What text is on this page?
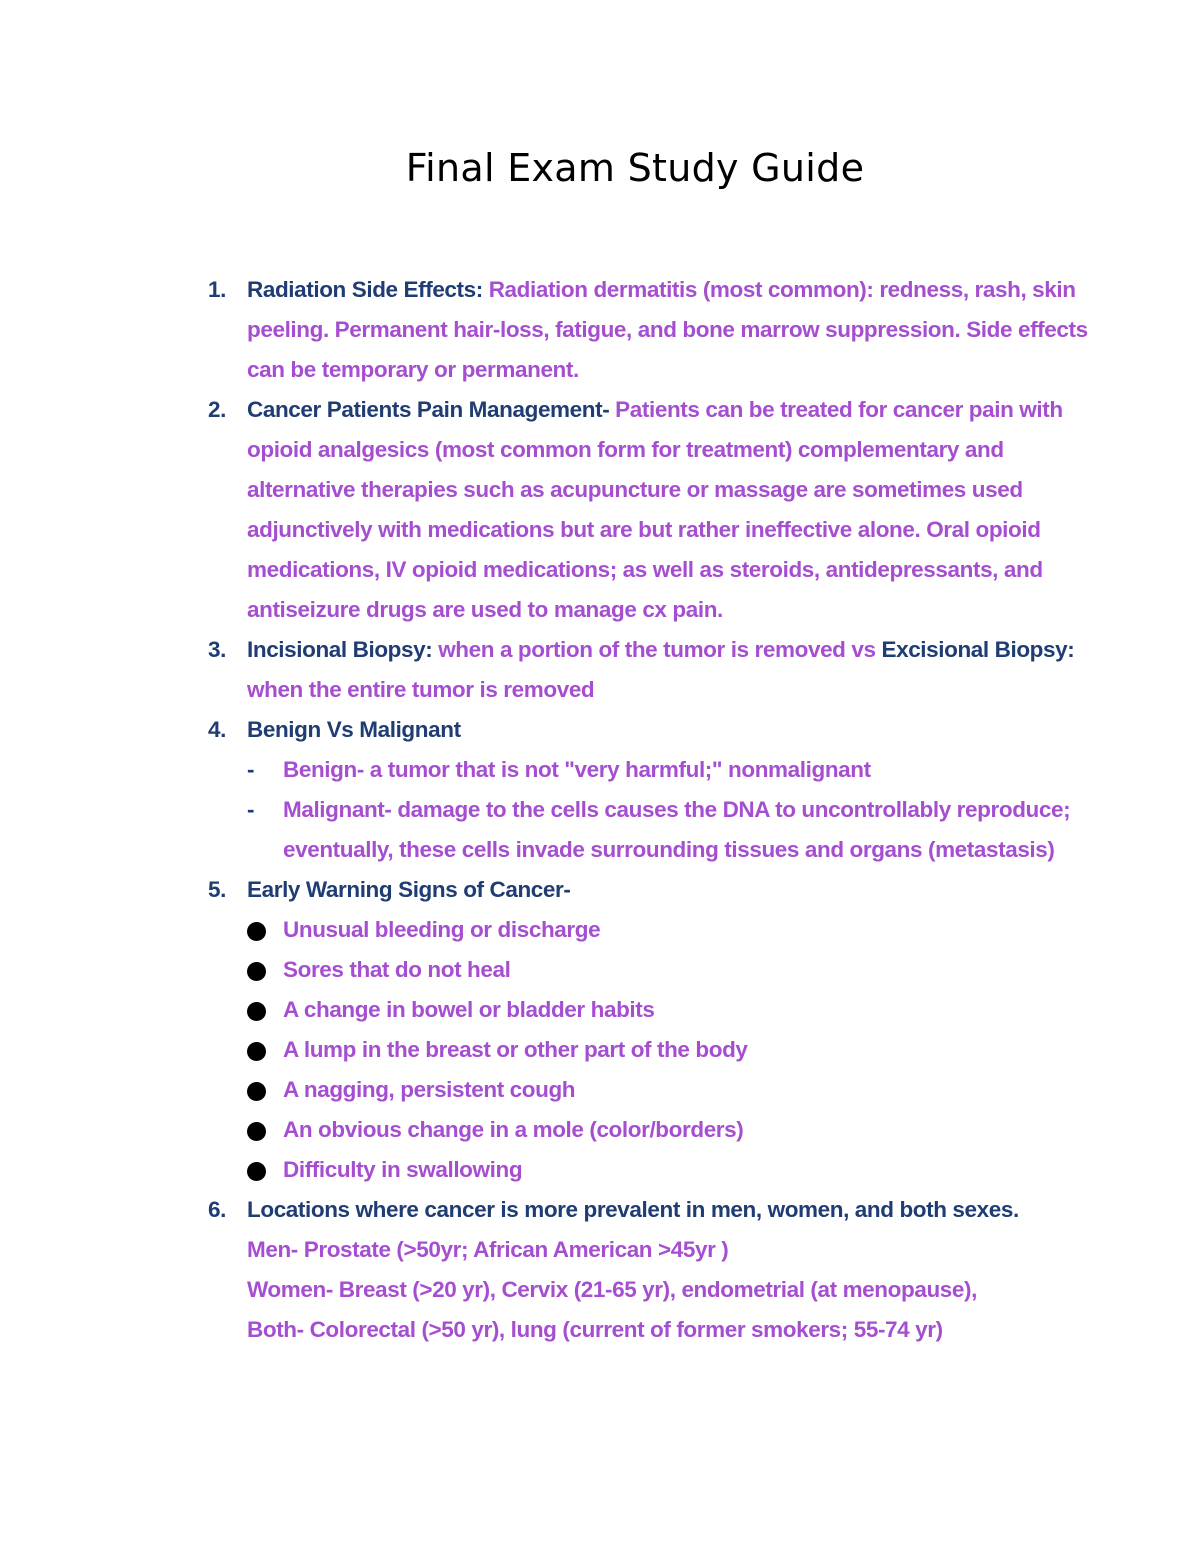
Final Exam Study Guide
1. Radiation Side Effects: Radiation dermatitis (most common): redness, rash, skin peeling. Permanent hair-loss, fatigue, and bone marrow suppression. Side effects can be temporary or permanent.
2. Cancer Patients Pain Management- Patients can be treated for cancer pain with opioid analgesics (most common form for treatment) complementary and alternative therapies such as acupuncture or massage are sometimes used adjunctively with medications but are but rather ineffective alone. Oral opioid medications, IV opioid medications; as well as steroids, antidepressants, and antiseizure drugs are used to manage cx pain.
3. Incisional Biopsy: when a portion of the tumor is removed vs Excisional Biopsy: when the entire tumor is removed
4. Benign Vs Malignant
- Benign- a tumor that is not "very harmful;" nonmalignant
- Malignant- damage to the cells causes the DNA to uncontrollably reproduce; eventually, these cells invade surrounding tissues and organs (metastasis)
5. Early Warning Signs of Cancer-
Unusual bleeding or discharge
Sores that do not heal
A change in bowel or bladder habits
A lump in the breast or other part of the body
A nagging, persistent cough
An obvious change in a mole (color/borders)
Difficulty in swallowing
6. Locations where cancer is more prevalent in men, women, and both sexes.
Men- Prostate (>50yr; African American >45yr )
Women- Breast (>20 yr), Cervix (21-65 yr), endometrial (at menopause),
Both- Colorectal (>50 yr), lung (current of former smokers; 55-74 yr)
